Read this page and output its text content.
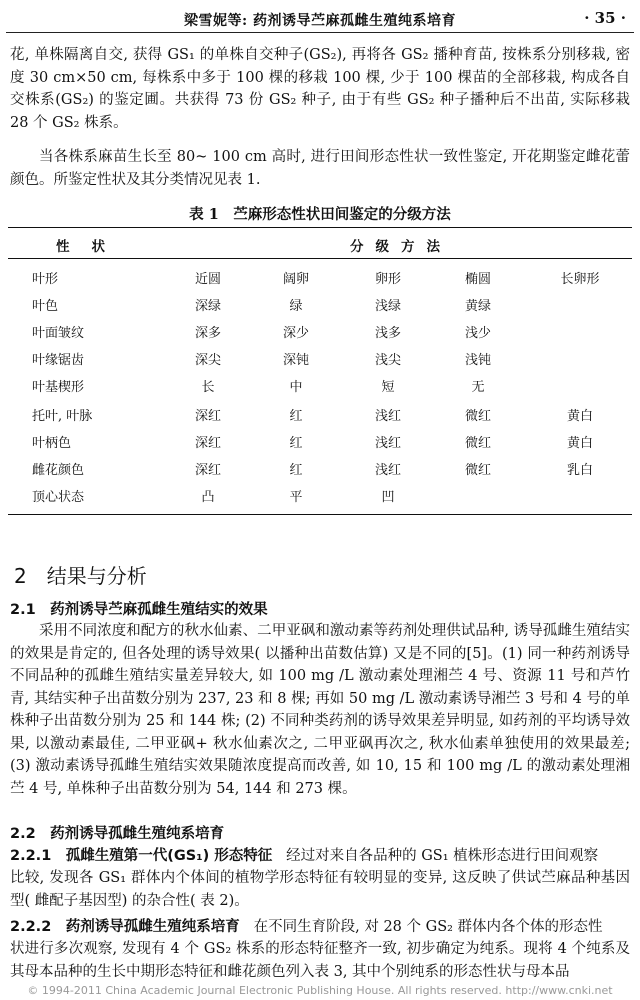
梁雪妮等: 药剂诱导苎麻孤雌生殖纯系培育	· 35 ·

花, 单株隔离自交, 获得 GS₁ 的单株自交种子(GS₂), 再将各 GS₂ 播种育苗, 按株系分别移栽, 密度 30 cm×50 cm, 每株系中多于 100 棵的移栽 100 棵, 少于 100 棵苗的全部移栽, 构成各自交株系(GS₂) 的鉴定圃。共获得 73 份 GS₂ 种子, 由于有些 GS₂ 种子播种后不出苗, 实际移栽 28 个 GS₂ 株系。

当各株系麻苗生长至 80~ 100 cm 高时, 进行田间形态性状一致性鉴定, 开花期鉴定雌花蕾颜色。所鉴定性状及其分类情况见表 1.

表 1　苎麻形态性状田间鉴定的分级方法
性状	分级方法
叶形	近圆	阔卵	卵形	椭圆	长卵形
叶色	深绿	绿	浅绿	黄绿
叶面皱纹	深多	深少	浅多	浅少
叶缘锯齿	深尖	深钝	浅尖	浅钝
叶基楔形	长	中	短	无
托叶, 叶脉	深红	红	浅红	微红	黄白
叶柄色	深红	红	浅红	微红	黄白
雌花颜色	深红	红	浅红	微红	乳白
顶心状态	凸	平	凹
2　结果与分析
2.1　药剂诱导苎麻孤雌生殖结实的效果

采用不同浓度和配方的秋水仙素、二甲亚砜和激动素等药剂处理供试品种, 诱导孤雌生殖结实的效果是肯定的, 但各处理的诱导效果( 以播种出苗数估算) 又是不同的[5]。(1) 同一种药剂诱导不同品种的孤雌生殖结实量差异较大, 如 100 mg /L 激动素处理湘苎 4 号、资源 11 号和芦竹青, 其结实种子出苗数分别为 237, 23 和 8 棵; 再如 50 mg /L 激动素诱导湘苎 3 号和 4 号的单株种子出苗数分别为 25 和 144 株; (2) 不同种类药剂的诱导效果差异明显, 如药剂的平均诱导效果, 以激动素最佳, 二甲亚砜+ 秋水仙素次之, 二甲亚砜再次之, 秋水仙素单独使用的效果最差; (3) 激动素诱导孤雌生殖结实效果随浓度提高而改善, 如 10, 15 和 100 mg /L 的激动素处理湘苎 4 号, 单株种子出苗数分别为 54, 144 和 273 棵。

2.2　药剂诱导孤雌生殖纯系培育
2.2.1　孤雌生殖第一代(GS₁) 形态特征 经过对来自各品种的 GS₁ 植株形态进行田间观察

比较, 发现各 GS₁ 群体内个体间的植物学形态特征有较明显的变异, 这反映了供试苎麻品种基因型( 雌配子基因型) 的杂合性( 表 2)。

2.2.2　药剂诱导孤雌生殖纯系培育 在不同生育阶段, 对 28 个 GS₂ 群体内各个体的形态性

状进行多次观察, 发现有 4 个 GS₂ 株系的形态特征整齐一致, 初步确定为纯系。现将 4 个纯系及其母本品种的生长中期形态特征和雌花颜色列入表 3, 其中个别纯系的形态性状与母本品

© 1994-2011 China Academic Journal Electronic Publishing House. All rights reserved. http://www.cnki.net
